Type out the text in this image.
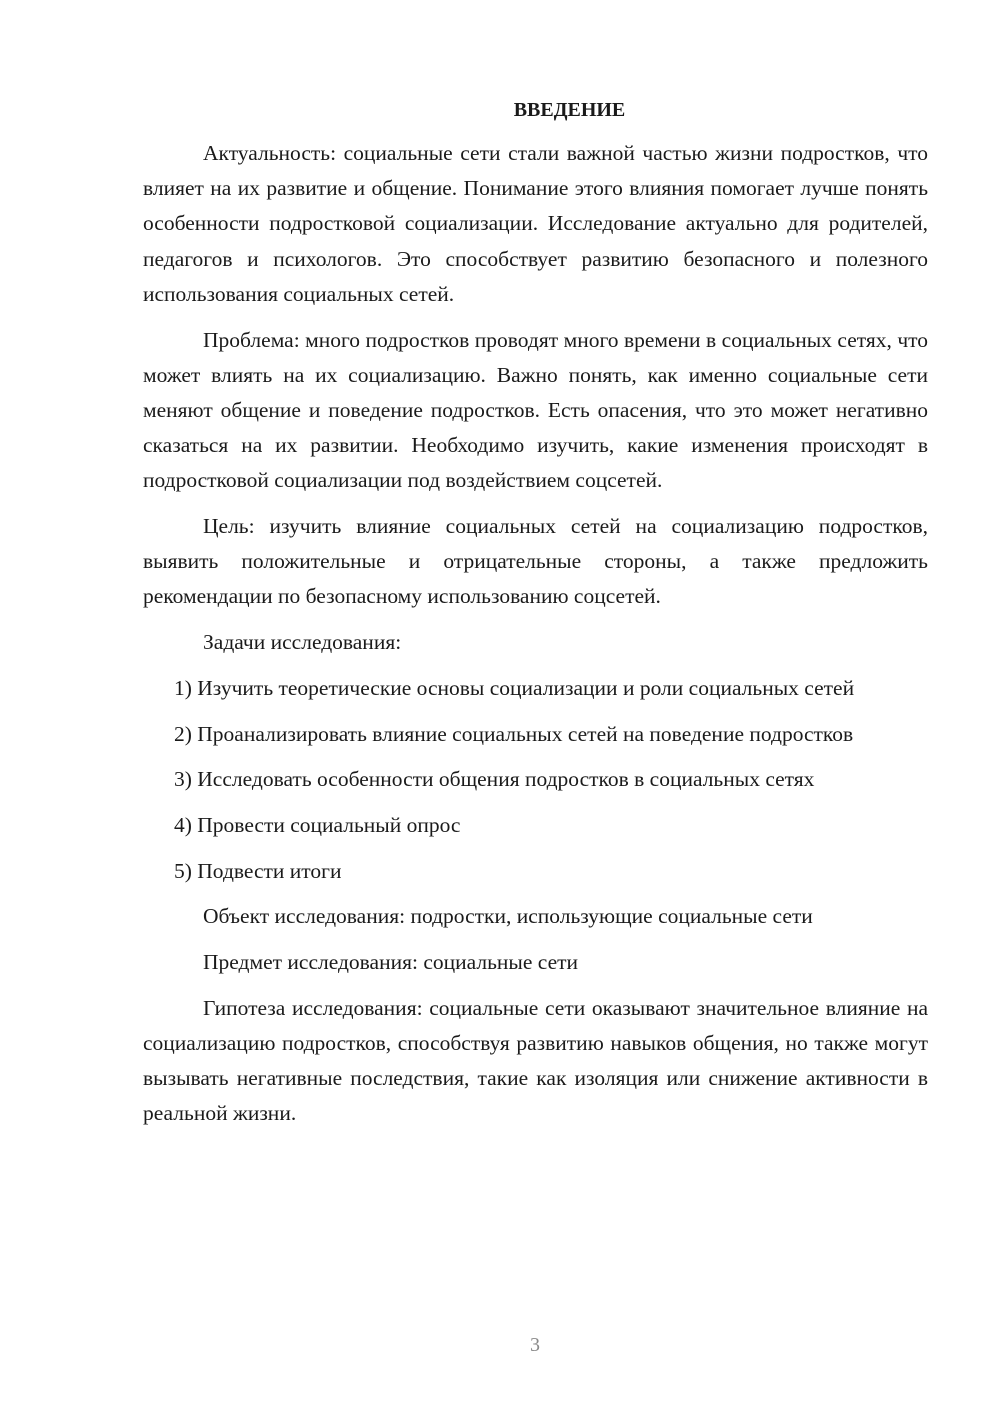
ВВЕДЕНИЕ

Актуальность: социальные сети стали важной частью жизни подростков, что влияет на их развитие и общение. Понимание этого влияния помогает лучше понять особенности подростковой социализации. Исследование актуально для родителей, педагогов и психологов. Это способствует развитию безопасного и полезного использования социальных сетей.

Проблема: много подростков проводят много времени в социальных сетях, что может влиять на их социализацию. Важно понять, как именно социальные сети меняют общение и поведение подростков. Есть опасения, что это может негативно сказаться на их развитии. Необходимо изучить, какие изменения происходят в подростковой социализации под воздействием соцсетей.

Цель: изучить влияние социальных сетей на социализацию подростков, выявить положительные и отрицательные стороны, а также предложить рекомендации по безопасному использованию соцсетей.

Задачи исследования:

1) Изучить теоретические основы социализации и роли социальных сетей

2) Проанализировать влияние социальных сетей на поведение подростков

3) Исследовать особенности общения подростков в социальных сетях

4) Провести социальный опрос

5) Подвести итоги

Объект исследования: подростки, использующие социальные сети

Предмет исследования: социальные сети

Гипотеза исследования: социальные сети оказывают значительное влияние на социализацию подростков, способствуя развитию навыков общения, но также могут вызывать негативные последствия, такие как изоляция или снижение активности в реальной жизни.

3
